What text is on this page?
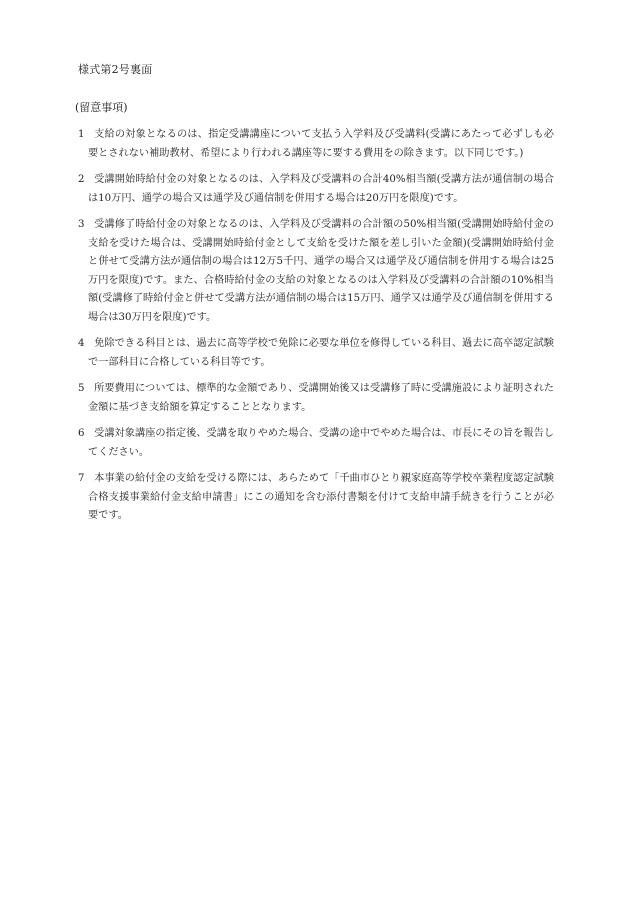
様式第2号裏面

(留意事項)

1 支給の対象となるのは、指定受講講座について支払う入学料及び受講料(受講にあたって必ずしも必要とされない補助教材、希望により行われる講座等に要する費用をの除きます。以下同じです。)
2 受講開始時給付金の対象となるのは、入学料及び受講料の合計40%相当額(受講方法が通信制の場合は10万円、通学の場合又は通学及び通信制を併用する場合は20万円を限度)です。
3 受講修了時給付金の対象となるのは、入学料及び受講料の合計額の50%相当額(受講開始時給付金の支給を受けた場合は、受講開始時給付金として支給を受けた額を差し引いた金額)(受講開始時給付金と併せて受講方法が通信制の場合は12万5千円、通学の場合又は通学及び通信制を併用する場合は25万円を限度)です。また、合格時給付金の支給の対象となるのは入学料及び受講料の合計額の10%相当額(受講修了時給付金と併せて受講方法が通信制の場合は15万円、通学又は通学及び通信制を併用する場合は30万円を限度)です。
4 免除できる科目とは、過去に高等学校で免除に必要な単位を修得している科目、過去に高卒認定試験で一部科目に合格している科目等です。
5 所要費用については、標準的な金額であり、受講開始後又は受講修了時に受講施設により証明された金額に基づき支給額を算定することとなります。
6 受講対象講座の指定後、受講を取りやめた場合、受講の途中でやめた場合は、市長にその旨を報告してください。
7 本事業の給付金の支給を受ける際には、あらためて「千曲市ひとり親家庭高等学校卒業程度認定試験合格支援事業給付金支給申請書」にこの通知を含む添付書類を付けて支給申請手続きを行うことが必要です。
